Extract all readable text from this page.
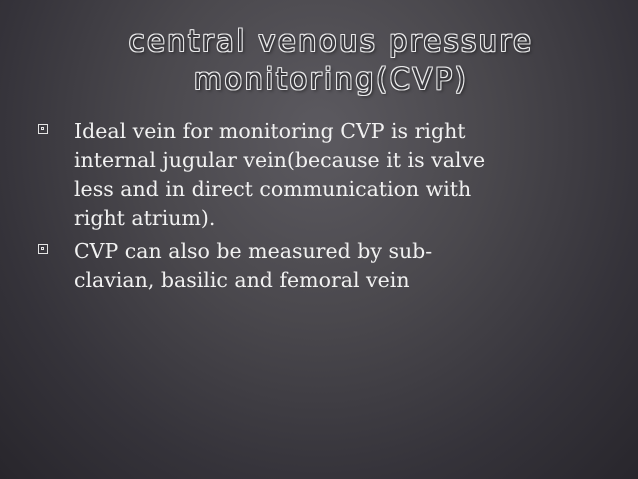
central venous pressure
monitoring(CVP)
Ideal vein for monitoring CVP is right
internal jugular vein(because it is valve
less and in direct communication with
right atrium).
CVP can also be measured by sub-
clavian, basilic and femoral vein
